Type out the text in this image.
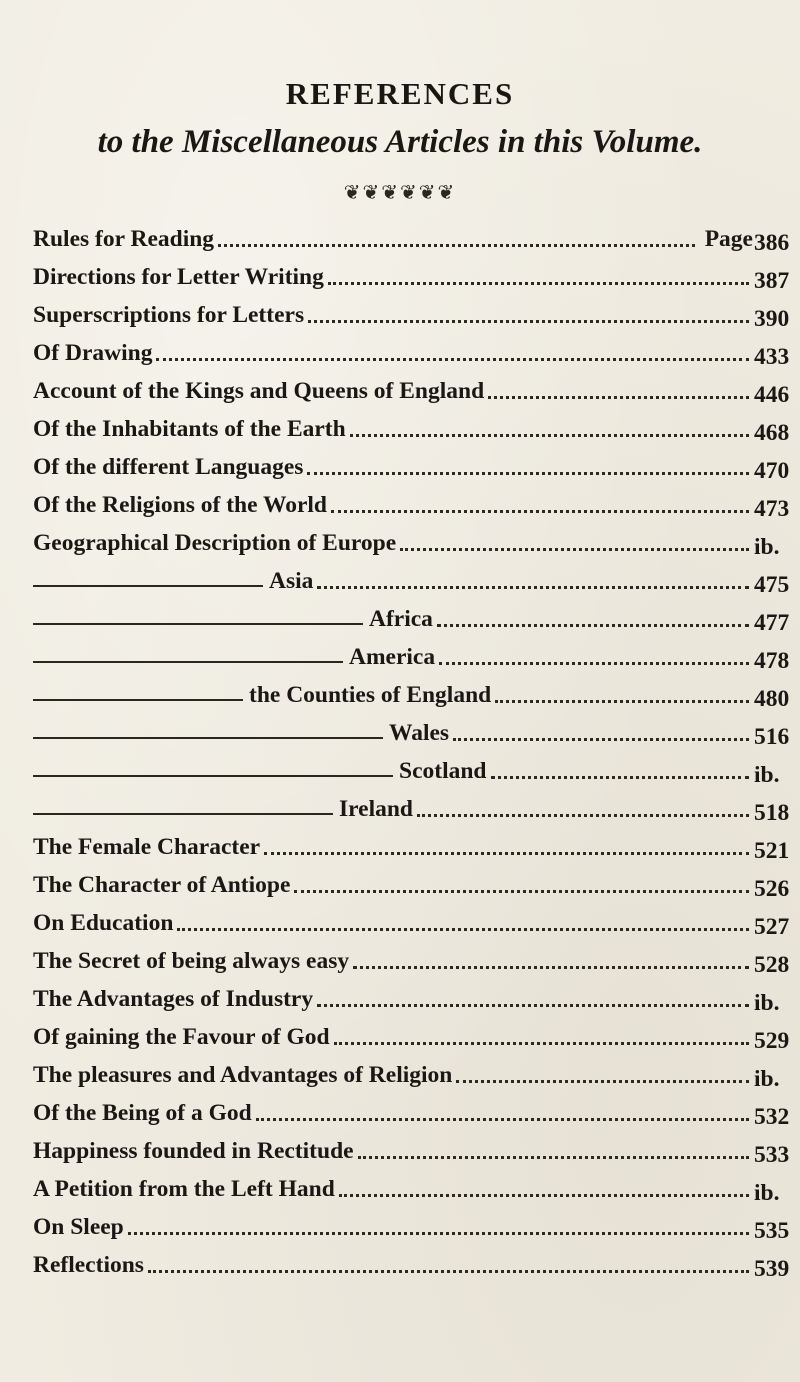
REFERENCES
to the Miscellaneous Articles in this Volume.
❦❦❦❦❦❦
Rules for Reading	Page 386
Directions for Letter Writing	387
Superscriptions for Letters	390
Of Drawing	433
Account of the Kings and Queens of England	446
Of the Inhabitants of the Earth	468
Of the different Languages	470
Of the Religions of the World	473
Geographical Description of Europe	ib.
Asia	475
Africa	477
America	478
the Counties of England	480
Wales	516
Scotland	ib.
Ireland	518
The Female Character	521
The Character of Antiope	526
On Education	527
The Secret of being always easy	528
The Advantages of Industry	ib.
Of gaining the Favour of God	529
The pleasures and Advantages of Religion	ib.
Of the Being of a God	532
Happiness founded in Rectitude	533
A Petition from the Left Hand	ib.
On Sleep	535
Reflections	539
